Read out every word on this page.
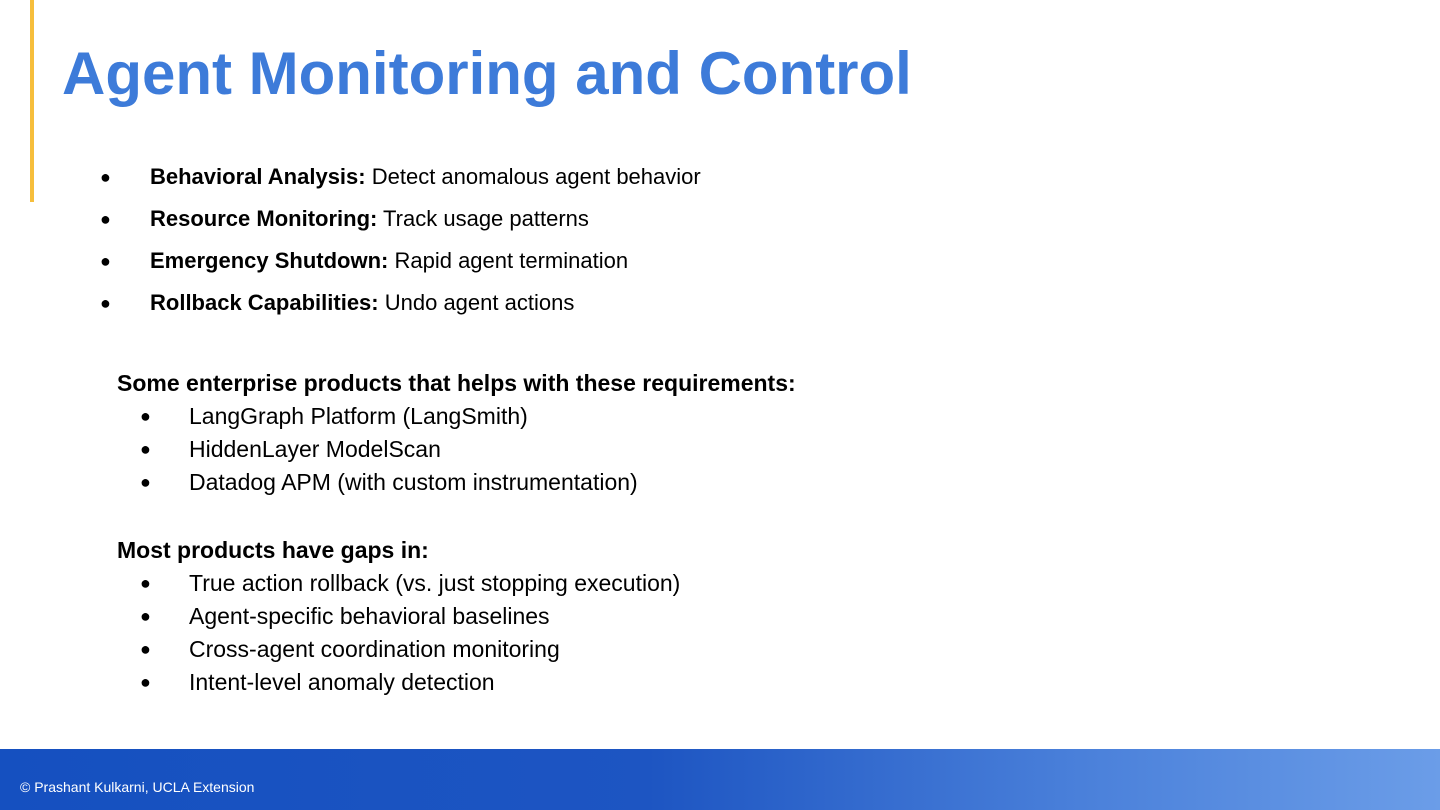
Agent Monitoring and Control
●	Behavioral Analysis: Detect anomalous agent behavior
●	Resource Monitoring: Track usage patterns
●	Emergency Shutdown: Rapid agent termination
●	Rollback Capabilities: Undo agent actions
Some enterprise products that helps with these requirements:
● LangGraph Platform (LangSmith)
● HiddenLayer ModelScan
● Datadog APM (with custom instrumentation)
Most products have gaps in:
● True action rollback (vs. just stopping execution)
● Agent-specific behavioral baselines
● Cross-agent coordination monitoring
● Intent-level anomaly detection
© Prashant Kulkarni, UCLA Extension
